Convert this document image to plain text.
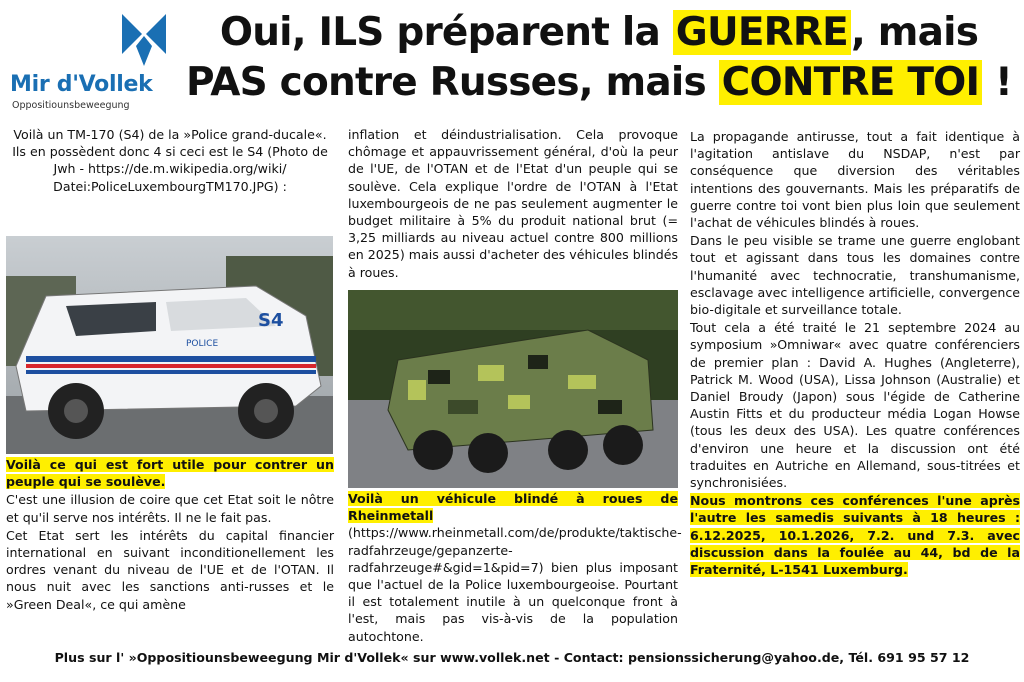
Mir d'Vollek
Oppositiounsbeweegung
Oui, ILS préparent la GUERRE, mais
PAS contre Russes, mais CONTRE TOI !

Voilà un TM-170 (S4) de la »Police grand-ducale«. Ils en possèdent donc 4 si ceci est le S4 (Photo de Jwh - https://de.m.wikipedia.org/wiki/ Datei:PoliceLuxembourgTM170.JPG) :

S4
POLICE

Voilà ce qui est fort utile pour contrer un peuple qui se soulève.

C'est une illusion de coire que cet Etat soit le nôtre et qu'il serve nos intérêts. Il ne le fait pas.

Cet Etat sert les intérêts du capital financier international en suivant inconditionellement les ordres venant du niveau de l'UE et de l'OTAN. Il nous nuit avec les sanctions anti-russes et le »Green Deal«, ce qui amène

inflation et déindustrialisation. Cela provoque chômage et appauvrissement général, d'où la peur de l'UE, de l'OTAN et de l'Etat d'un peuple qui se soulève. Cela explique l'ordre de l'OTAN à l'Etat luxembourgeois de ne pas seulement augmenter le budget militaire à 5% du produit national brut (= 3,25 milliards au niveau actuel contre 800 millions en 2025) mais aussi d'acheter des véhicules blindés à roues.

Voilà un véhicule blindé à roues de Rheinmetall (https://www.rheinmetall.com/de/produkte/taktische-radfahrzeuge/gepanzerte-radfahrzeuge#&gid=1&pid=7) bien plus imposant que l'actuel de la Police luxembourgeoise. Pourtant il est totalement inutile à un quelconque front à l'est, mais pas vis-à-vis de la population autochtone.

La propagande antirusse, tout a fait identique à l'agitation antislave du NSDAP, n'est par conséquence que diversion des véritables intentions des gouvernants. Mais les préparatifs de guerre contre toi vont bien plus loin que seulement l'achat de véhicules blindés à roues.

Dans le peu visible se trame une guerre englobant tout et agissant dans tous les domaines contre l'humanité avec technocratie, transhumanisme, esclavage avec intelligence artificielle, convergence bio-digitale et surveillance totale.

Tout cela a été traité le 21 septembre 2024 au symposium »Omniwar« avec quatre conférenciers de premier plan : David A. Hughes (Angleterre), Patrick M. Wood (USA), Lissa Johnson (Australie) et Daniel Broudy (Japon) sous l'égide de Catherine Austin Fitts et du producteur média Logan Howse (tous les deux des USA). Les quatre conférences d'environ une heure et la discussion ont été traduites en Autriche en Allemand, sous-titrées et synchronisiées.

Nous montrons ces conférences l'une après l'autre les samedis suivants à 18 heures : 6.12.2025, 10.1.2026, 7.2. und 7.3. avec discussion dans la foulée au 44, bd de la Fraternité, L-1541 Luxemburg.

Plus sur l' »Oppositiounsbeweegung Mir d'Vollek« sur www.vollek.net - Contact: pensionssicherung@yahoo.de, Tél. 691 95 57 12
